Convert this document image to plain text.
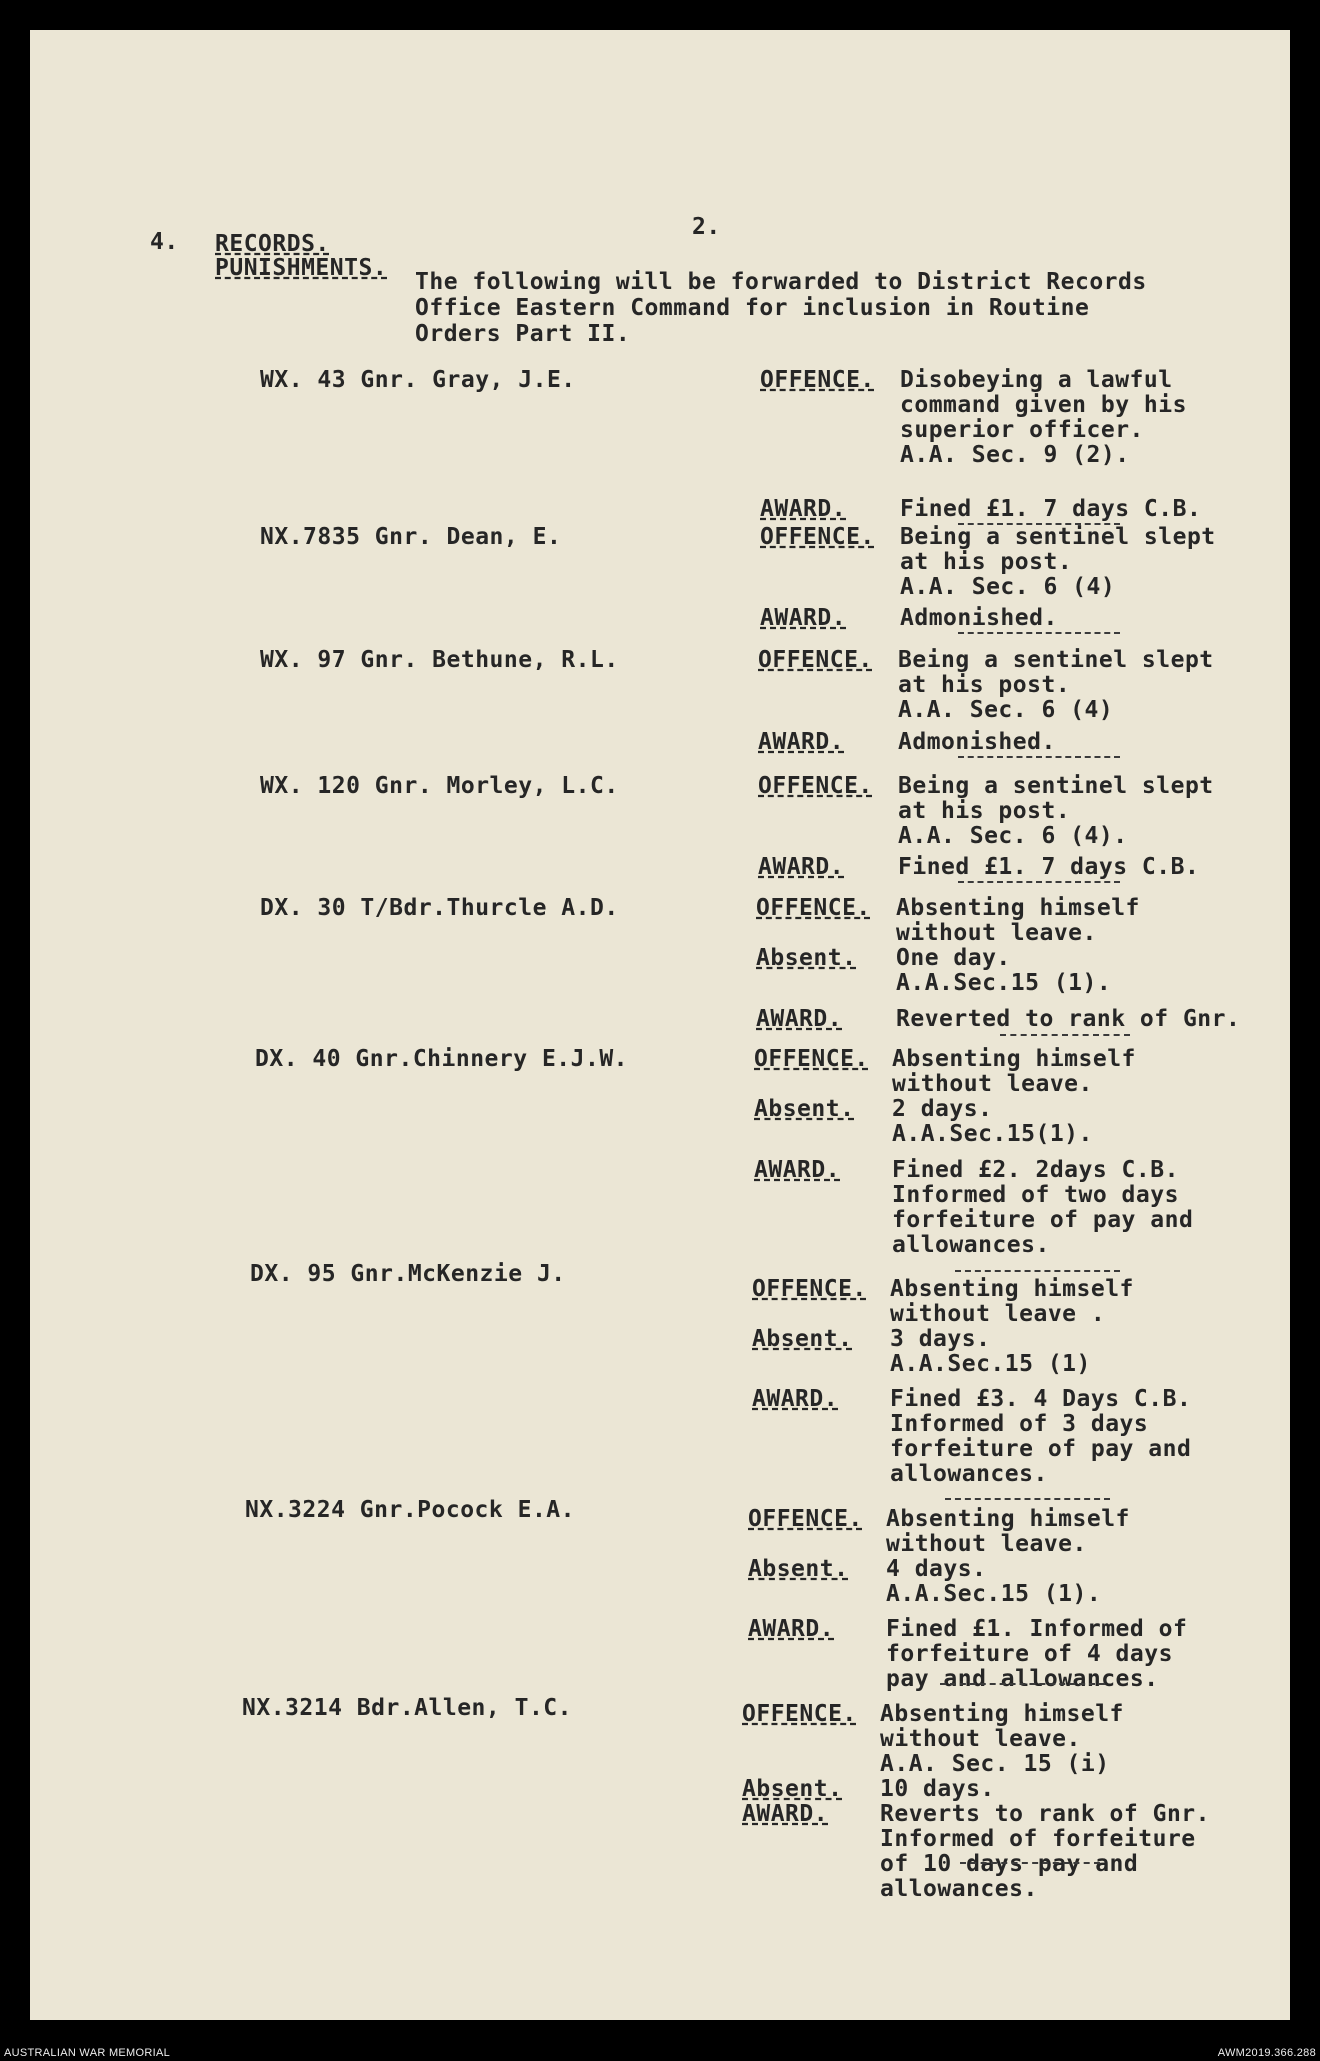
2.
4. RECORDS.
PUNISHMENTS.
The following will be forwarded to District Records
Office Eastern Command for inclusion in Routine
Orders Part II.
WX. 43 Gnr. Gray, J.E.	OFFENCE. Disobeying a lawful
command given by his
superior officer.
A.A. Sec. 9 (2).
AWARD. Fined £1. 7 days C.B.
NX.7835 Gnr. Dean, E.	OFFENCE. Being a sentinel slept
at his post.
A.A. Sec. 6 (4)
AWARD. Admonished.
WX. 97 Gnr. Bethune, R.L.	OFFENCE. Being a sentinel slept
at his post.
A.A. Sec. 6 (4)
AWARD. Admonished.
WX. 120 Gnr. Morley, L.C.	OFFENCE. Being a sentinel slept
at his post.
A.A. Sec. 6 (4).
AWARD. Fined £1. 7 days C.B.
DX. 30 T/Bdr.Thurcle A.D.	OFFENCE. Absenting himself
without leave.
Absent. One day.
A.A.Sec.15 (1).
AWARD. Reverted to rank of Gnr.
DX. 40 Gnr.Chinnery E.J.W.	OFFENCE. Absenting himself
without leave.
Absent. 2 days.
A.A.Sec.15(1).
AWARD. Fined £2. 2days C.B.
Informed of two days
forfeiture of pay and
allowances.
DX. 95 Gnr.McKenzie J.
OFFENCE. Absenting himself
without leave .
Absent. 3 days.
A.A.Sec.15 (1)
AWARD. Fined £3. 4 Days C.B.
Informed of 3 days
forfeiture of pay and
allowances.
NX.3224 Gnr.Pocock E.A.	OFFENCE. Absenting himself
without leave.
Absent. 4 days.
A.A.Sec.15 (1).
AWARD. Fined £1. Informed of
forfeiture of 4 days
pay and allowances.
NX.3214 Bdr.Allen, T.C.	OFFENCE. Absenting himself
without leave.
A.A. Sec. 15 (i)
Absent. 10 days.
AWARD. Reverts to rank of Gnr.
Informed of forfeiture
of 10 days pay and
allowances.
AUSTRALIAN WAR MEMORIAL	AWM2019.366.288
